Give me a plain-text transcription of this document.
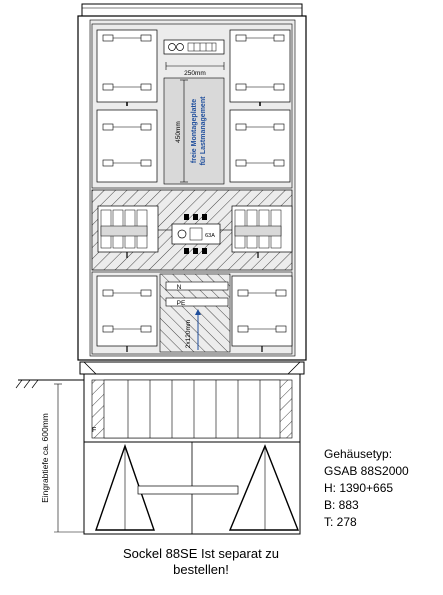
250mm
freie Montageplatte für Lastmanagement
450mm
63A
N
PE
2x120mm
F
Eingrabtiefe ca. 600mm	Gehäusetyp:
GSAB 88S2000
H: 1390+665
B: 883
T: 278
Sockel 88SE Ist separat zu bestellen!
